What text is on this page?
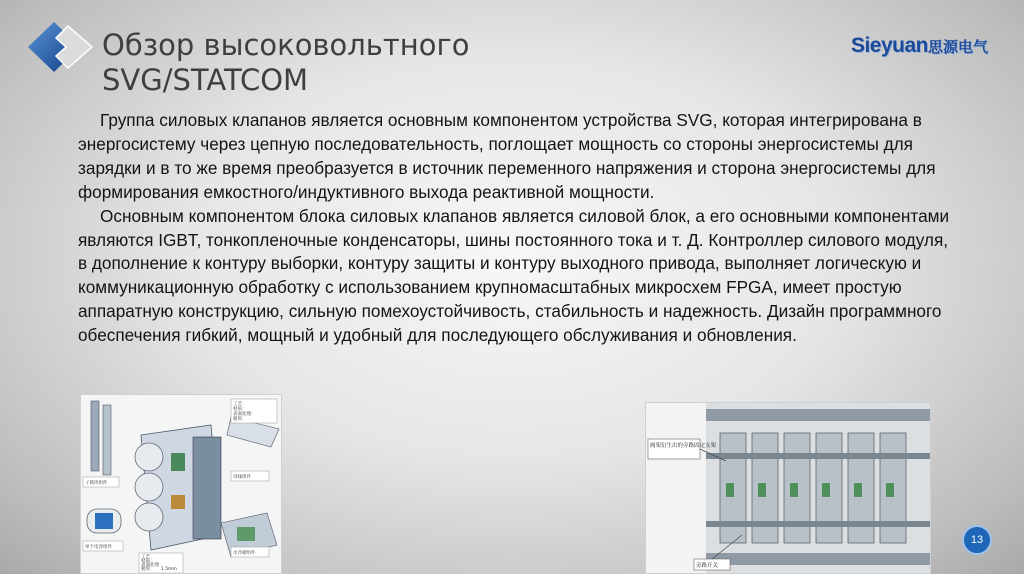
Обзор высоковольтного
SVG/STATCOM
Sieyuan思源电气

Группа силовых клапанов является основным компонентом устройства SVG, которая интегрирована в энергосистему через цепную последовательность, поглощает мощность со стороны энергосистемы для зарядки и в то же время преобразуется в источник переменного напряжения и сторона энергосистемы для формирования емкостного/индуктивного выхода реактивной мощности.

Основным компонентом блока силовых клапанов является силовой блок, а его основными компонентами являются IGBT, тонкопленочные конденсаторы, шины постоянного тока и т. Д. Контроллер силового модуля, в дополнение к контуру выборки, контуру защиты и контуру выходного привода, выполняет логическую и коммуникационную обработку с использованием крупномасштабных микросхем FPGA, имеет простую аппаратную конструкцию, сильную помехоустойчивость, стабильность и надежность. Дизайн программного обеспечения гибкий, мощный и удобный для последующего обслуживания и обновления.

工艺：
材质：
表面处理：
板厚：
子模块组件
母线组件
单个电容组件
水冷板组件
工艺：
材质：
表面处理：
板厚： 1.5mm
阀架衍生出的旁路固定支架
旁路开关
13
